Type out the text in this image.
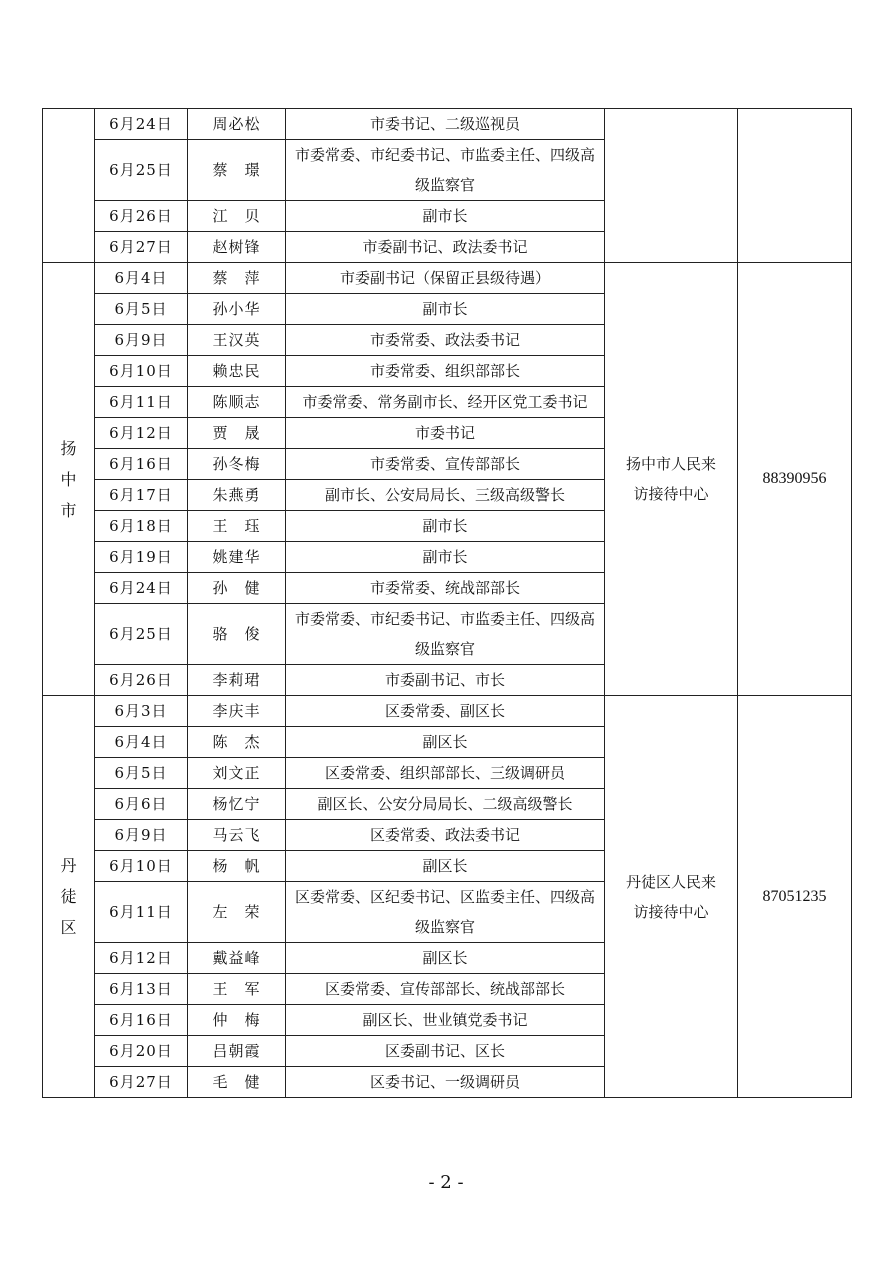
	6月24日	周必松	市委书记、二级巡视员	

	6月25日	蔡　璟	市委常委、市纪委书记、市监委主任、四级高级监察官		
	6月26日	江　贝	副市长		
	6月27日	赵树锋	市委副书记、政法委书记		

扬中市	6月4日	蔡　萍	市委副书记（保留正县级待遇）	扬中市人民来访接待中心	88390956
	6月5日	孙小华	副市长		
	6月9日	王汉英	市委常委、政法委书记		
	6月10日	赖忠民	市委常委、组织部部长		
	6月11日	陈顺志	市委常委、常务副市长、经开区党工委书记		
	6月12日	贾　晟	市委书记		
	6月16日	孙冬梅	市委常委、宣传部部长		
	6月17日	朱燕勇	副市长、公安局局长、三级高级警长		
	6月18日	王　珏	副市长		
	6月19日	姚建华	副市长		
	6月24日	孙　健	市委常委、统战部部长		
	6月25日	骆　俊	市委常委、市纪委书记、市监委主任、四级高级监察官		
	6月26日	李莉珺	市委副书记、市长		

丹徒区	6月3日	李庆丰	区委常委、副区长	丹徒区人民来访接待中心	87051235
	6月4日	陈　杰	副区长		
	6月5日	刘文正	区委常委、组织部部长、三级调研员		
	6月6日	杨忆宁	副区长、公安分局局长、二级高级警长		
	6月9日	马云飞	区委常委、政法委书记		
	6月10日	杨　帆	副区长		
	6月11日	左　荣	区委常委、区纪委书记、区监委主任、四级高级监察官		
	6月12日	戴益峰	副区长		
	6月13日	王　军	区委常委、宣传部部长、统战部部长		
	6月16日	仲　梅	副区长、世业镇党委书记		
	6月20日	吕朝霞	区委副书记、区长		
	6月27日	毛　健	区委书记、一级调研员		
- 2 -
